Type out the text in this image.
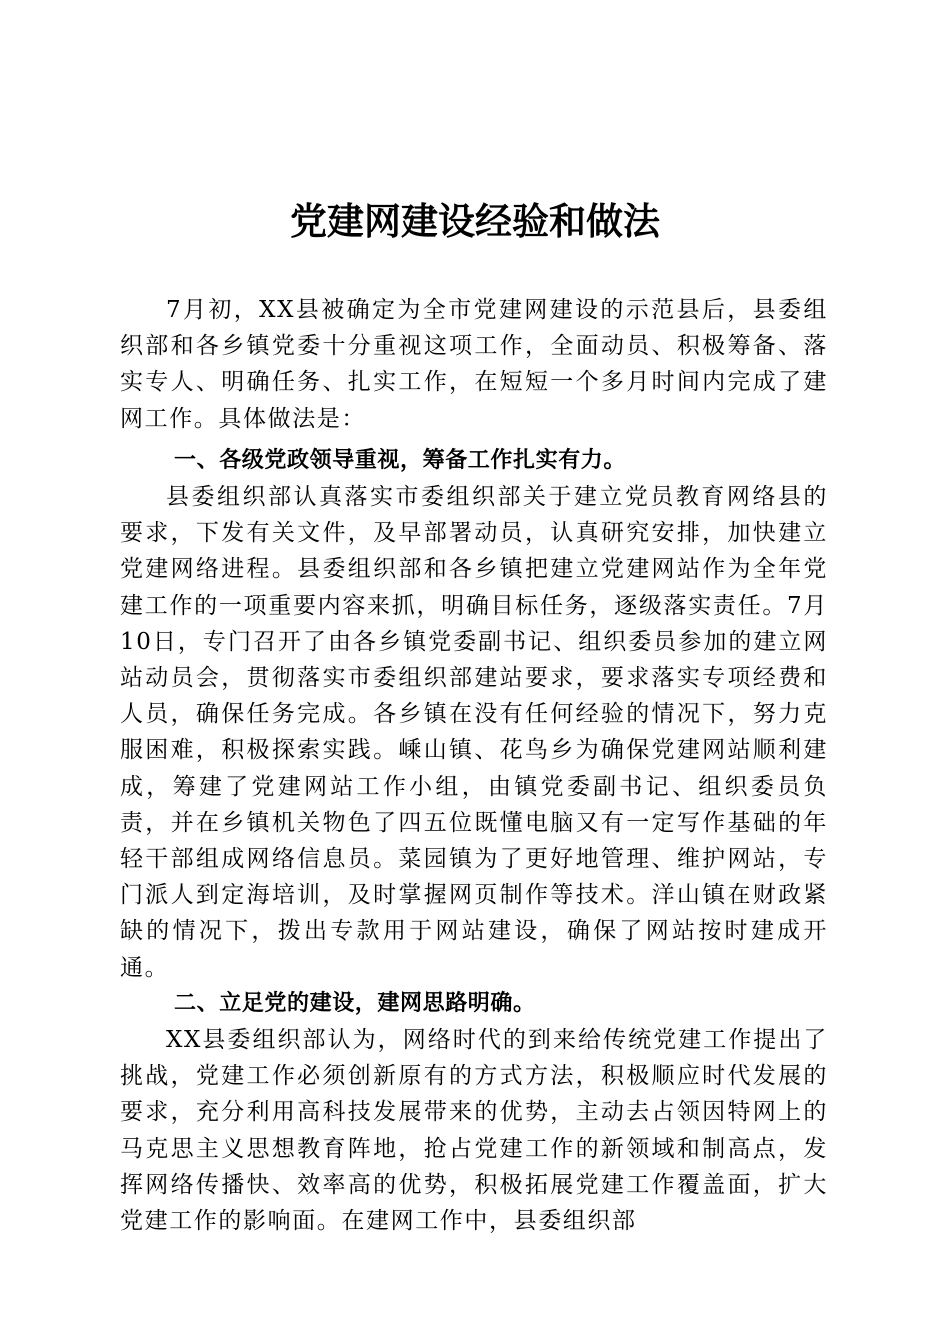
党建网建设经验和做法

7月初，XX县被确定为全市党建网建设的示范县后，县委组织部和各乡镇党委十分重视这项工作，全面动员、积极筹备、落实专人、明确任务、扎实工作，在短短一个多月时间内完成了建网工作。具体做法是：

一、各级党政领导重视，筹备工作扎实有力。

县委组织部认真落实市委组织部关于建立党员教育网络县的要求，下发有关文件，及早部署动员，认真研究安排，加快建立党建网络进程。县委组织部和各乡镇把建立党建网站作为全年党建工作的一项重要内容来抓，明确目标任务，逐级落实责任。7月10日，专门召开了由各乡镇党委副书记、组织委员参加的建立网站动员会，贯彻落实市委组织部建站要求，要求落实专项经费和人员，确保任务完成。各乡镇在没有任何经验的情况下，努力克服困难，积极探索实践。嵊山镇、花鸟乡为确保党建网站顺利建成，筹建了党建网站工作小组，由镇党委副书记、组织委员负责，并在乡镇机关物色了四五位既懂电脑又有一定写作基础的年轻干部组成网络信息员。菜园镇为了更好地管理、维护网站，专门派人到定海培训，及时掌握网页制作等技术。洋山镇在财政紧缺的情况下，拨出专款用于网站建设，确保了网站按时建成开通。

二、立足党的建设，建网思路明确。

XX县委组织部认为，网络时代的到来给传统党建工作提出了挑战，党建工作必须创新原有的方式方法，积极顺应时代发展的要求，充分利用高科技发展带来的优势，主动去占领因特网上的马克思主义思想教育阵地，抢占党建工作的新领域和制高点，发挥网络传播快、效率高的优势，积极拓展党建工作覆盖面，扩大党建工作的影响面。在建网工作中，县委组织部
